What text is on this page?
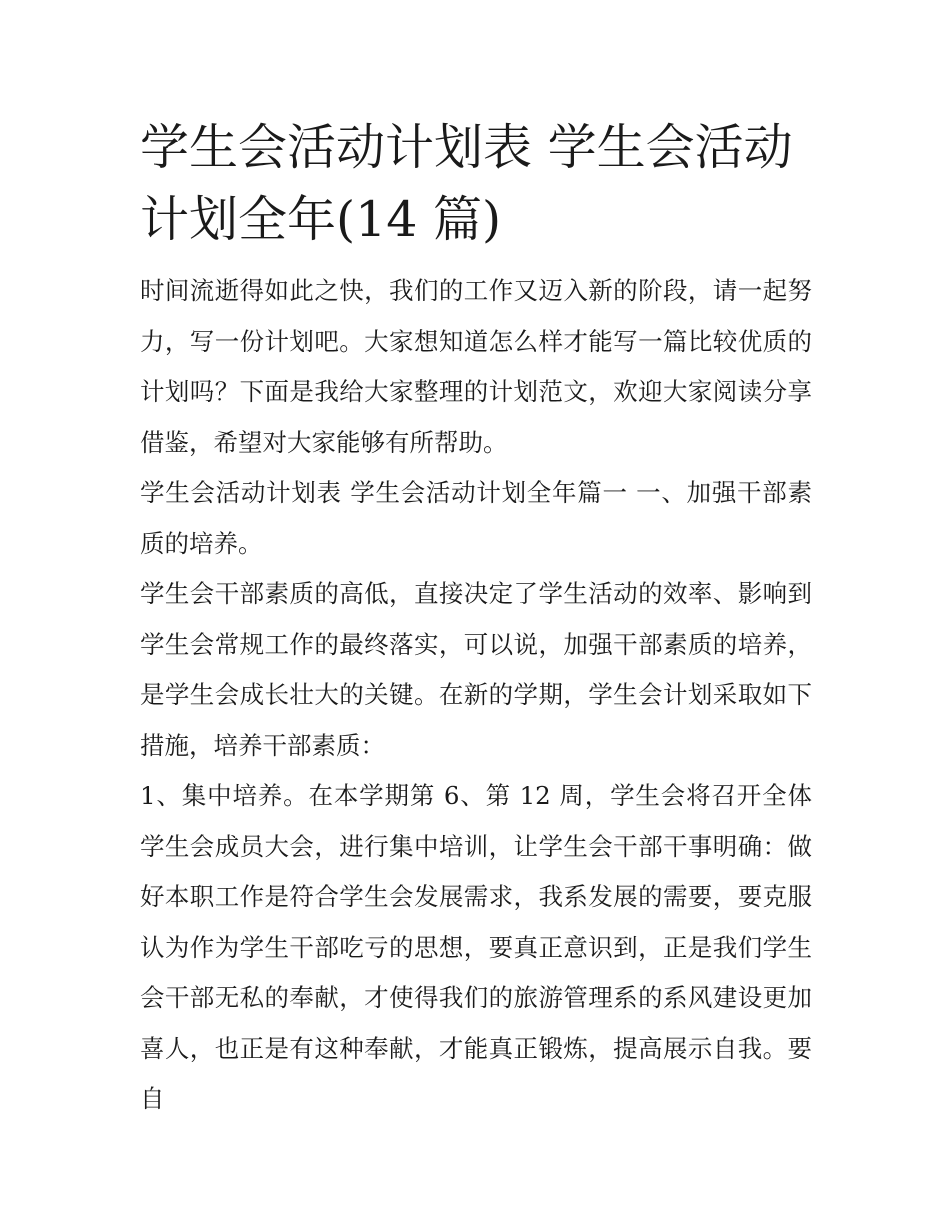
学生会活动计划表 学生会活动计划全年(14 篇)

时间流逝得如此之快，我们的工作又迈入新的阶段，请一起努力，写一份计划吧。大家想知道怎么样才能写一篇比较优质的计划吗？下面是我给大家整理的计划范文，欢迎大家阅读分享借鉴，希望对大家能够有所帮助。

学生会活动计划表 学生会活动计划全年篇一 一、加强干部素质的培养。

学生会干部素质的高低，直接决定了学生活动的效率、影响到学生会常规工作的最终落实，可以说，加强干部素质的培养，是学生会成长壮大的关键。在新的学期，学生会计划采取如下措施，培养干部素质：

1、集中培养。在本学期第 6、第 12 周，学生会将召开全体学生会成员大会，进行集中培训，让学生会干部干事明确：做好本职工作是符合学生会发展需求，我系发展的需要，要克服认为作为学生干部吃亏的思想，要真正意识到，正是我们学生会干部无私的奉献，才使得我们的旅游管理系的系风建设更加喜人，也正是有这种奉献，才能真正锻炼，提高展示自我。要自
